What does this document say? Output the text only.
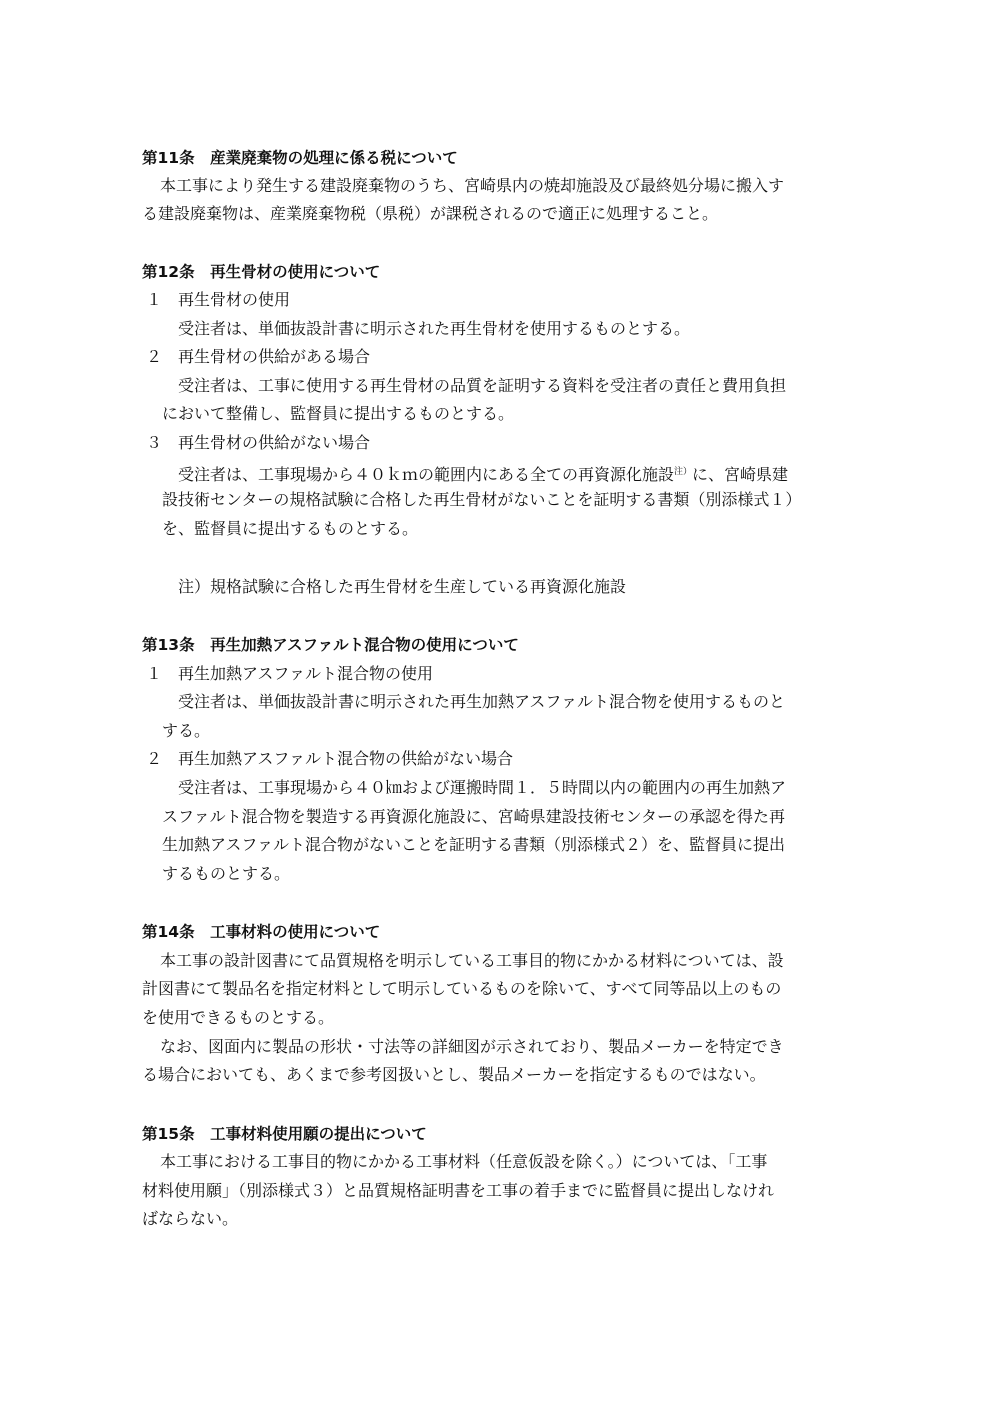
第11条　産業廃棄物の処理に係る税について
本工事により発生する建設廃棄物のうち、宮崎県内の焼却施設及び最終処分場に搬入す
る建設廃棄物は、産業廃棄物税（県税）が課税されるので適正に処理すること。
第12条　再生骨材の使用について
１　再生骨材の使用
受注者は、単価抜設計書に明示された再生骨材を使用するものとする。
２　再生骨材の供給がある場合
受注者は、工事に使用する再生骨材の品質を証明する資料を受注者の責任と費用負担
において整備し、監督員に提出するものとする。
３　再生骨材の供給がない場合
受注者は、工事現場から４０ｋｍの範囲内にある全ての再資源化施設$^{注)}$に、宮崎県建
設技術センターの規格試験に合格した再生骨材がないことを証明する書類（別添様式１）
を、監督員に提出するものとする。
注）規格試験に合格した再生骨材を生産している再資源化施設
第13条　再生加熱アスファルト混合物の使用について
１　再生加熱アスファルト混合物の使用
受注者は、単価抜設計書に明示された再生加熱アスファルト混合物を使用するものと
する。
２　再生加熱アスファルト混合物の供給がない場合
受注者は、工事現場から４０㎞および運搬時間１．５時間以内の範囲内の再生加熱ア
スファルト混合物を製造する再資源化施設に、宮崎県建設技術センターの承認を得た再
生加熱アスファルト混合物がないことを証明する書類（別添様式２）を、監督員に提出
するものとする。
第14条　工事材料の使用について
本工事の設計図書にて品質規格を明示している工事目的物にかかる材料については、設
計図書にて製品名を指定材料として明示しているものを除いて、すべて同等品以上のもの
を使用できるものとする。
なお、図面内に製品の形状・寸法等の詳細図が示されており、製品メーカーを特定でき
る場合においても、あくまで参考図扱いとし、製品メーカーを指定するものではない。
第15条　工事材料使用願の提出について
本工事における工事目的物にかかる工事材料（任意仮設を除く。）については、「工事
材料使用願」（別添様式３）と品質規格証明書を工事の着手までに監督員に提出しなけれ
ばならない。
